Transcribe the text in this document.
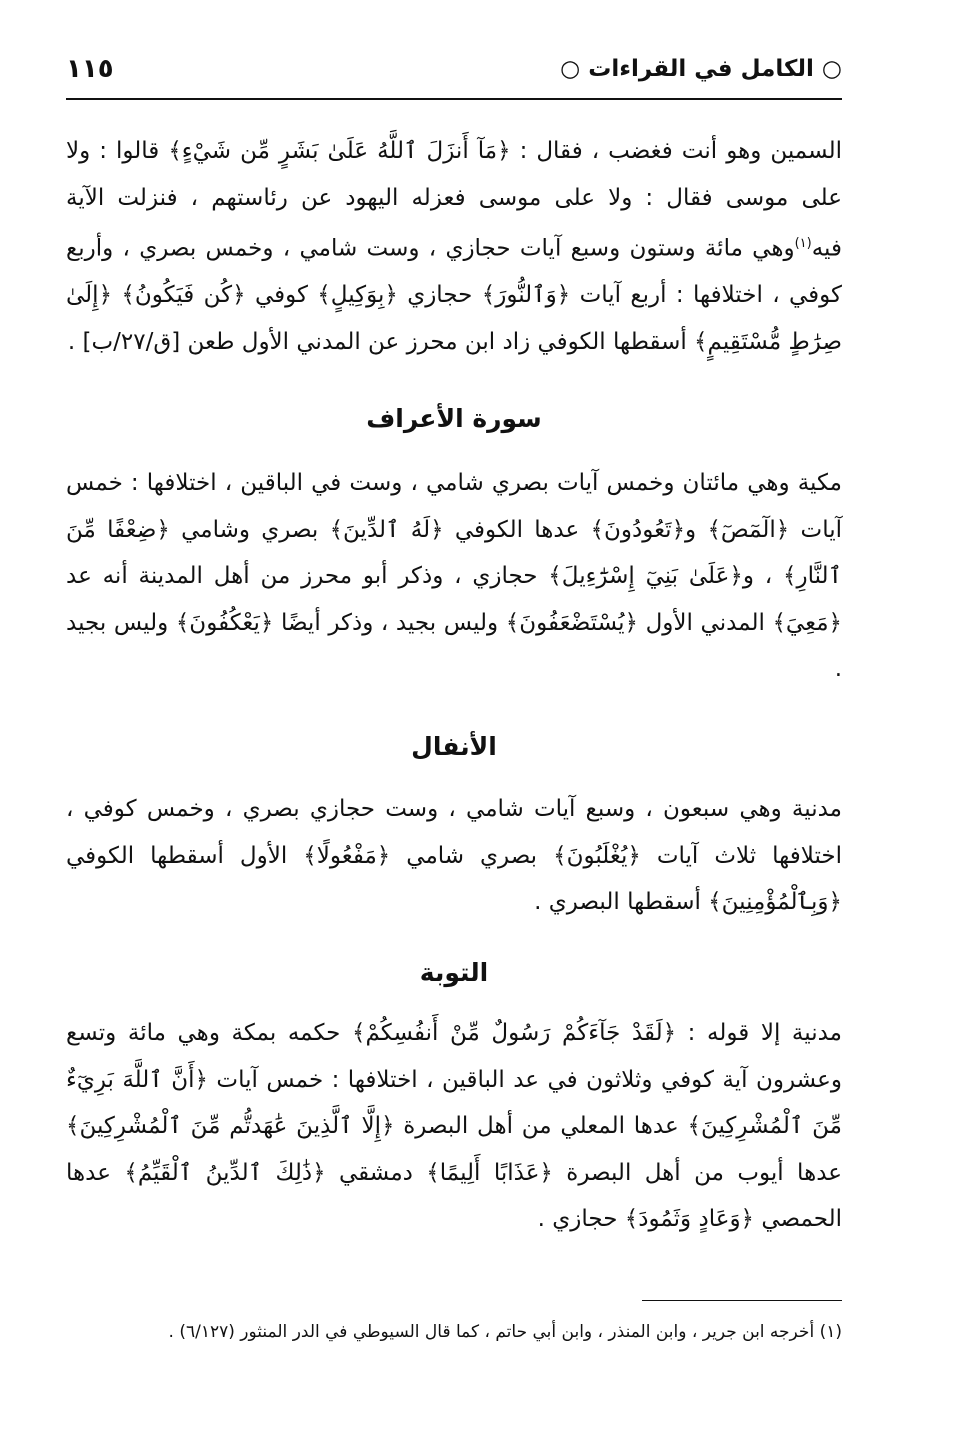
○ الكامل في القراءات ○
١١٥
السمين وهو أنت فغضب ، فقال : ﴿مَآ أَنزَلَ ٱللَّهُ عَلَىٰ بَشَرٍ مِّن شَيْءٍ﴾ قالوا : ولا على موسى فقال : ولا على موسى فعزله اليهود عن رئاستهم ، فنزلت الآية فيه$^{(١)}$وهي مائة وستون وسبع آيات حجازي ، وست شامي ، وخمس بصري ، وأربع كوفي ، اختلافها : أربع آيات ﴿وَٱلنُّورَ﴾ حجازي ﴿بِوَكِيلٍ﴾ كوفي ﴿كُن فَيَكُونُ﴾ ﴿إِلَىٰ صِرَٰطٍ مُّسْتَقِيمٍ﴾ أسقطها الكوفي زاد ابن محرز عن المدني الأول طعن [ق/٢٧/ب] .
سورة الأعراف
مكية وهي مائتان وخمس آيات بصري شامي ، وست في الباقين ، اختلافها : خمس آيات ﴿الٓمٓصٓ﴾ و﴿تَعُودُونَ﴾ عدها الكوفي ﴿لَهُ ٱلدِّينَ﴾ بصري وشامي ﴿ضِعْفًا مِّنَ ٱلنَّارِ﴾ ، و﴿عَلَىٰ بَنِيٓ إِسْرَٰٓءِيلَ﴾ حجازي ، وذكر أبو محرز من أهل المدينة أنه عد ﴿مَعِيَ﴾ المدني الأول ﴿يُسْتَضْعَفُونَ﴾ وليس بجيد ، وذكر أيضًا ﴿يَعْكُفُونَ﴾ وليس بجيد .
الأنفال
مدنية وهي سبعون ، وسبع آيات شامي ، وست حجازي بصري ، وخمس كوفي ، اختلافها ثلاث آيات ﴿يُغْلَبُونَ﴾ بصري شامي ﴿مَفْعُولًا﴾ الأول أسقطها الكوفي ﴿وَبِٱلْمُؤْمِنِينَ﴾ أسقطها البصري .
التوبة
مدنية إلا قوله : ﴿لَقَدْ جَآءَكُمْ رَسُولٌ مِّنْ أَنفُسِكُمْ﴾ حكمه بمكة وهي مائة وتسع وعشرون آية كوفي وثلاثون في عد الباقين ، اختلافها : خمس آيات ﴿أَنَّ ٱللَّهَ بَرِيٓءٌ مِّنَ ٱلْمُشْرِكِينَ﴾ عدها المعلي من أهل البصرة ﴿إِلَّا ٱلَّذِينَ عَٰهَدتُّم مِّنَ ٱلْمُشْرِكِينَ﴾ عدها أيوب من أهل البصرة ﴿عَذَابًا أَلِيمًا﴾ دمشقي ﴿ذَٰلِكَ ٱلدِّينُ ٱلْقَيِّمُ﴾ عدها الحمصي ﴿وَعَادٍ وَثَمُودَ﴾ حجازي .
(١) أخرجه ابن جرير ، وابن المنذر ، وابن أبي حاتم ، كما قال السيوطي في الدر المنثور (٦/١٢٧) .
